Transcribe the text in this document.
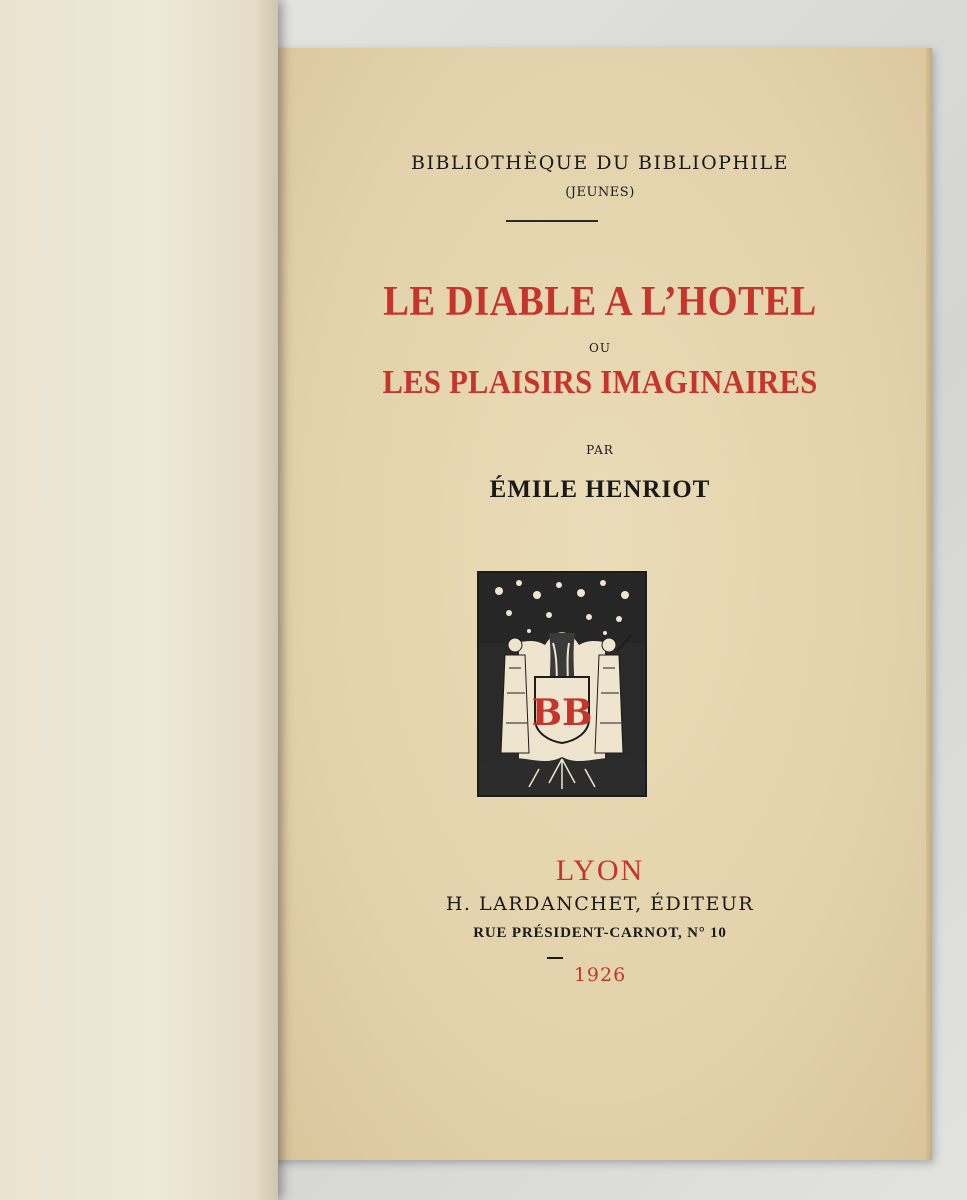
BIBLIOTHÈQUE DU BIBLIOPHILE
(JEUNES)
LE DIABLE A L’HOTEL
OU
LES PLAISIRS IMAGINAIRES
PAR
ÉMILE HENRIOT
BB
LYON
H. LARDANCHET, ÉDITEUR
RUE PRÉSIDENT-CARNOT, N° 10
1926
